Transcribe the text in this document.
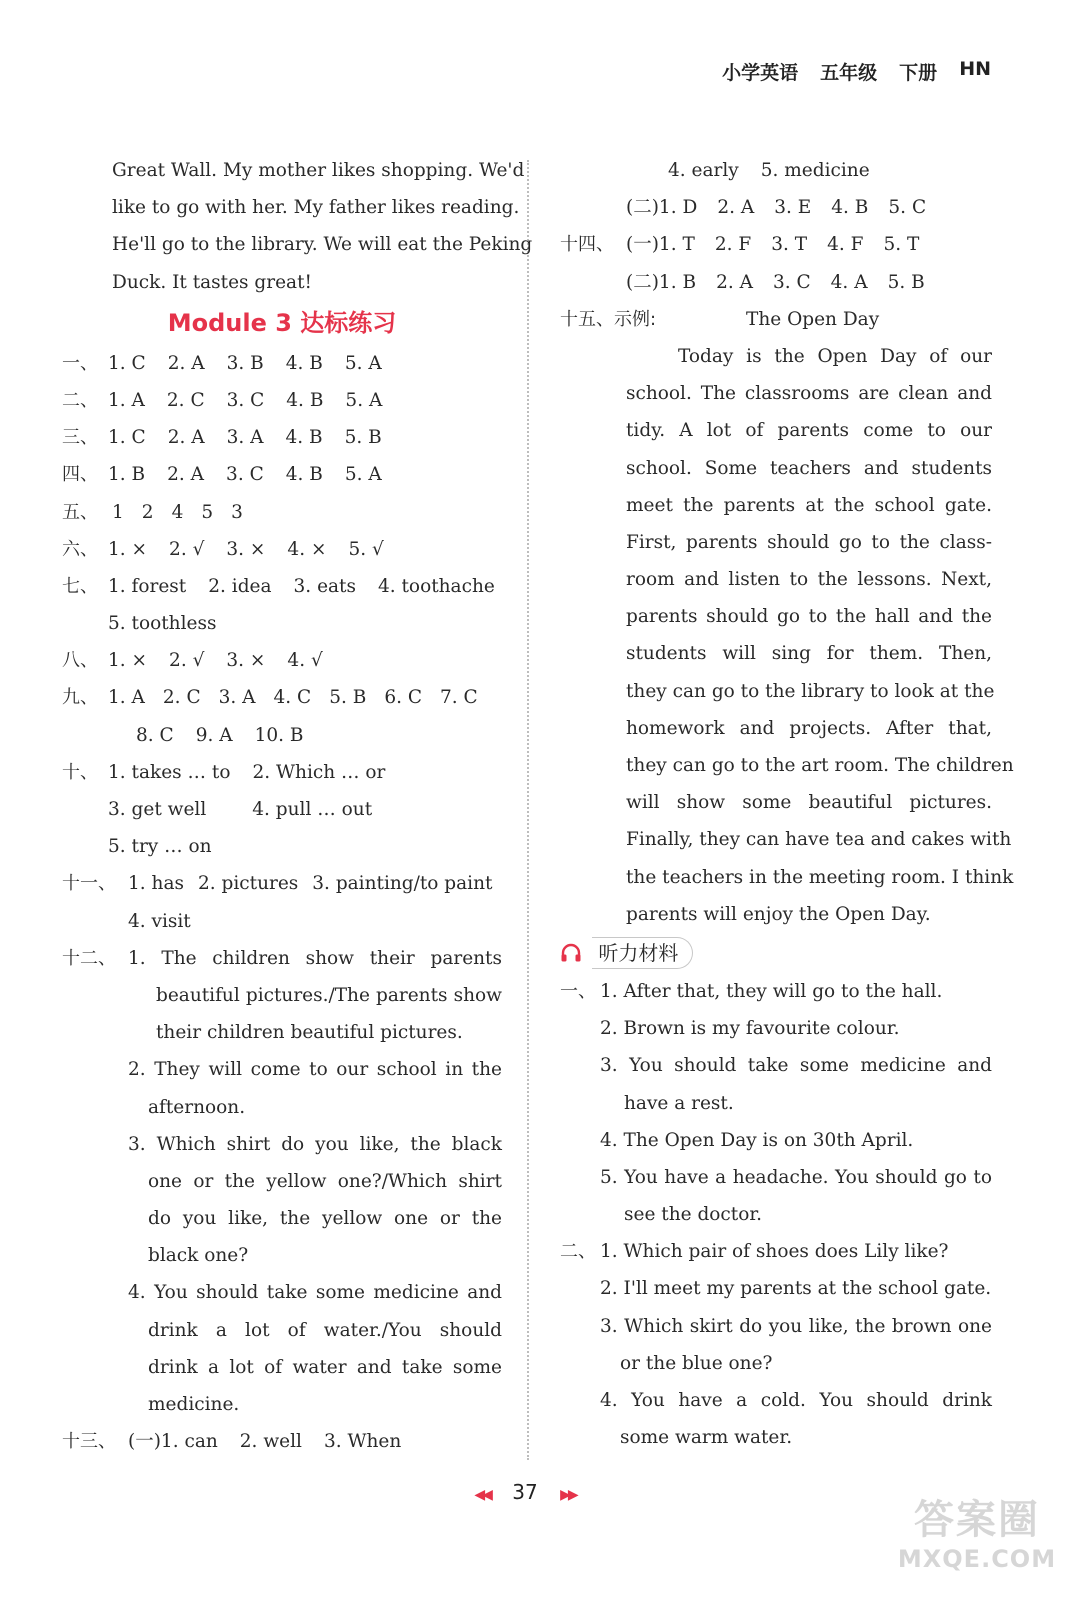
小学英语 五年级 下册 HN
Great Wall. My mother likes shopping. We'd
like to go with her. My father likes reading.
He'll go to the library. We will eat the Peking
Duck. It tastes great!
Module 3 达标练习
一、 1. C 2. A 3. B 4. B 5. A
二、 1. A 2. C 3. C 4. B 5. A
三、 1. C 2. A 3. A 4. B 5. B
四、 1. B 2. A 3. C 4. B 5. A
五、 1 2 4 5 3
六、 1. × 2. √ 3. × 4. × 5. √
七、 1. forest 2. idea 3. eats 4. toothache
5. toothless
八、 1. × 2. √ 3. × 4. √
九、 1. A 2. C 3. A 4. C 5. B 6. C 7. C
8. C 9. A 10. B
十、 1. takes … to 2. Which … or
3. get well 4. pull … out
5. try … on
十一、 1. has 2. pictures 3. painting/to paint
4. visit
十二、 1. The children show their parents
beautiful pictures./The parents show
their children beautiful pictures.
2. They will come to our school in the
afternoon.
3. Which shirt do you like, the black
one or the yellow one?/Which shirt
do you like, the yellow one or the
black one?
4. You should take some medicine and
drink a lot of water./You should
drink a lot of water and take some
medicine.
十三、 (一)1. can 2. well 3. When
4. early 5. medicine
(二)1. D 2. A 3. E 4. B 5. C
十四、 (一)1. T 2. F 3. T 4. F 5. T
(二)1. B 2. A 3. C 4. A 5. B
十五、示例:	The Open Day
Today is the Open Day of our
school. The classrooms are clean and
tidy. A lot of parents come to our
school. Some teachers and students
meet the parents at the school gate.
First, parents should go to the class-
room and listen to the lessons. Next,
parents should go to the hall and the
students will sing for them. Then,
they can go to the library to look at the
homework and projects. After that,
they can go to the art room. The children
will show some beautiful pictures.
Finally, they can have tea and cakes with
the teachers in the meeting room. I think
parents will enjoy the Open Day.
听力材料
一、 1. After that, they will go to the hall.
2. Brown is my favourite colour.
3. You should take some medicine and
have a rest.
4. The Open Day is on 30th April.
5. You have a headache. You should go to
see the doctor.
二、 1. Which pair of shoes does Lily like?
2. I'll meet my parents at the school gate.
3. Which skirt do you like, the brown one
or the blue one?
4. You have a cold. You should drink
some warm water.
◀◀ 37 ▶▶
答案圈
MXQE.COM
